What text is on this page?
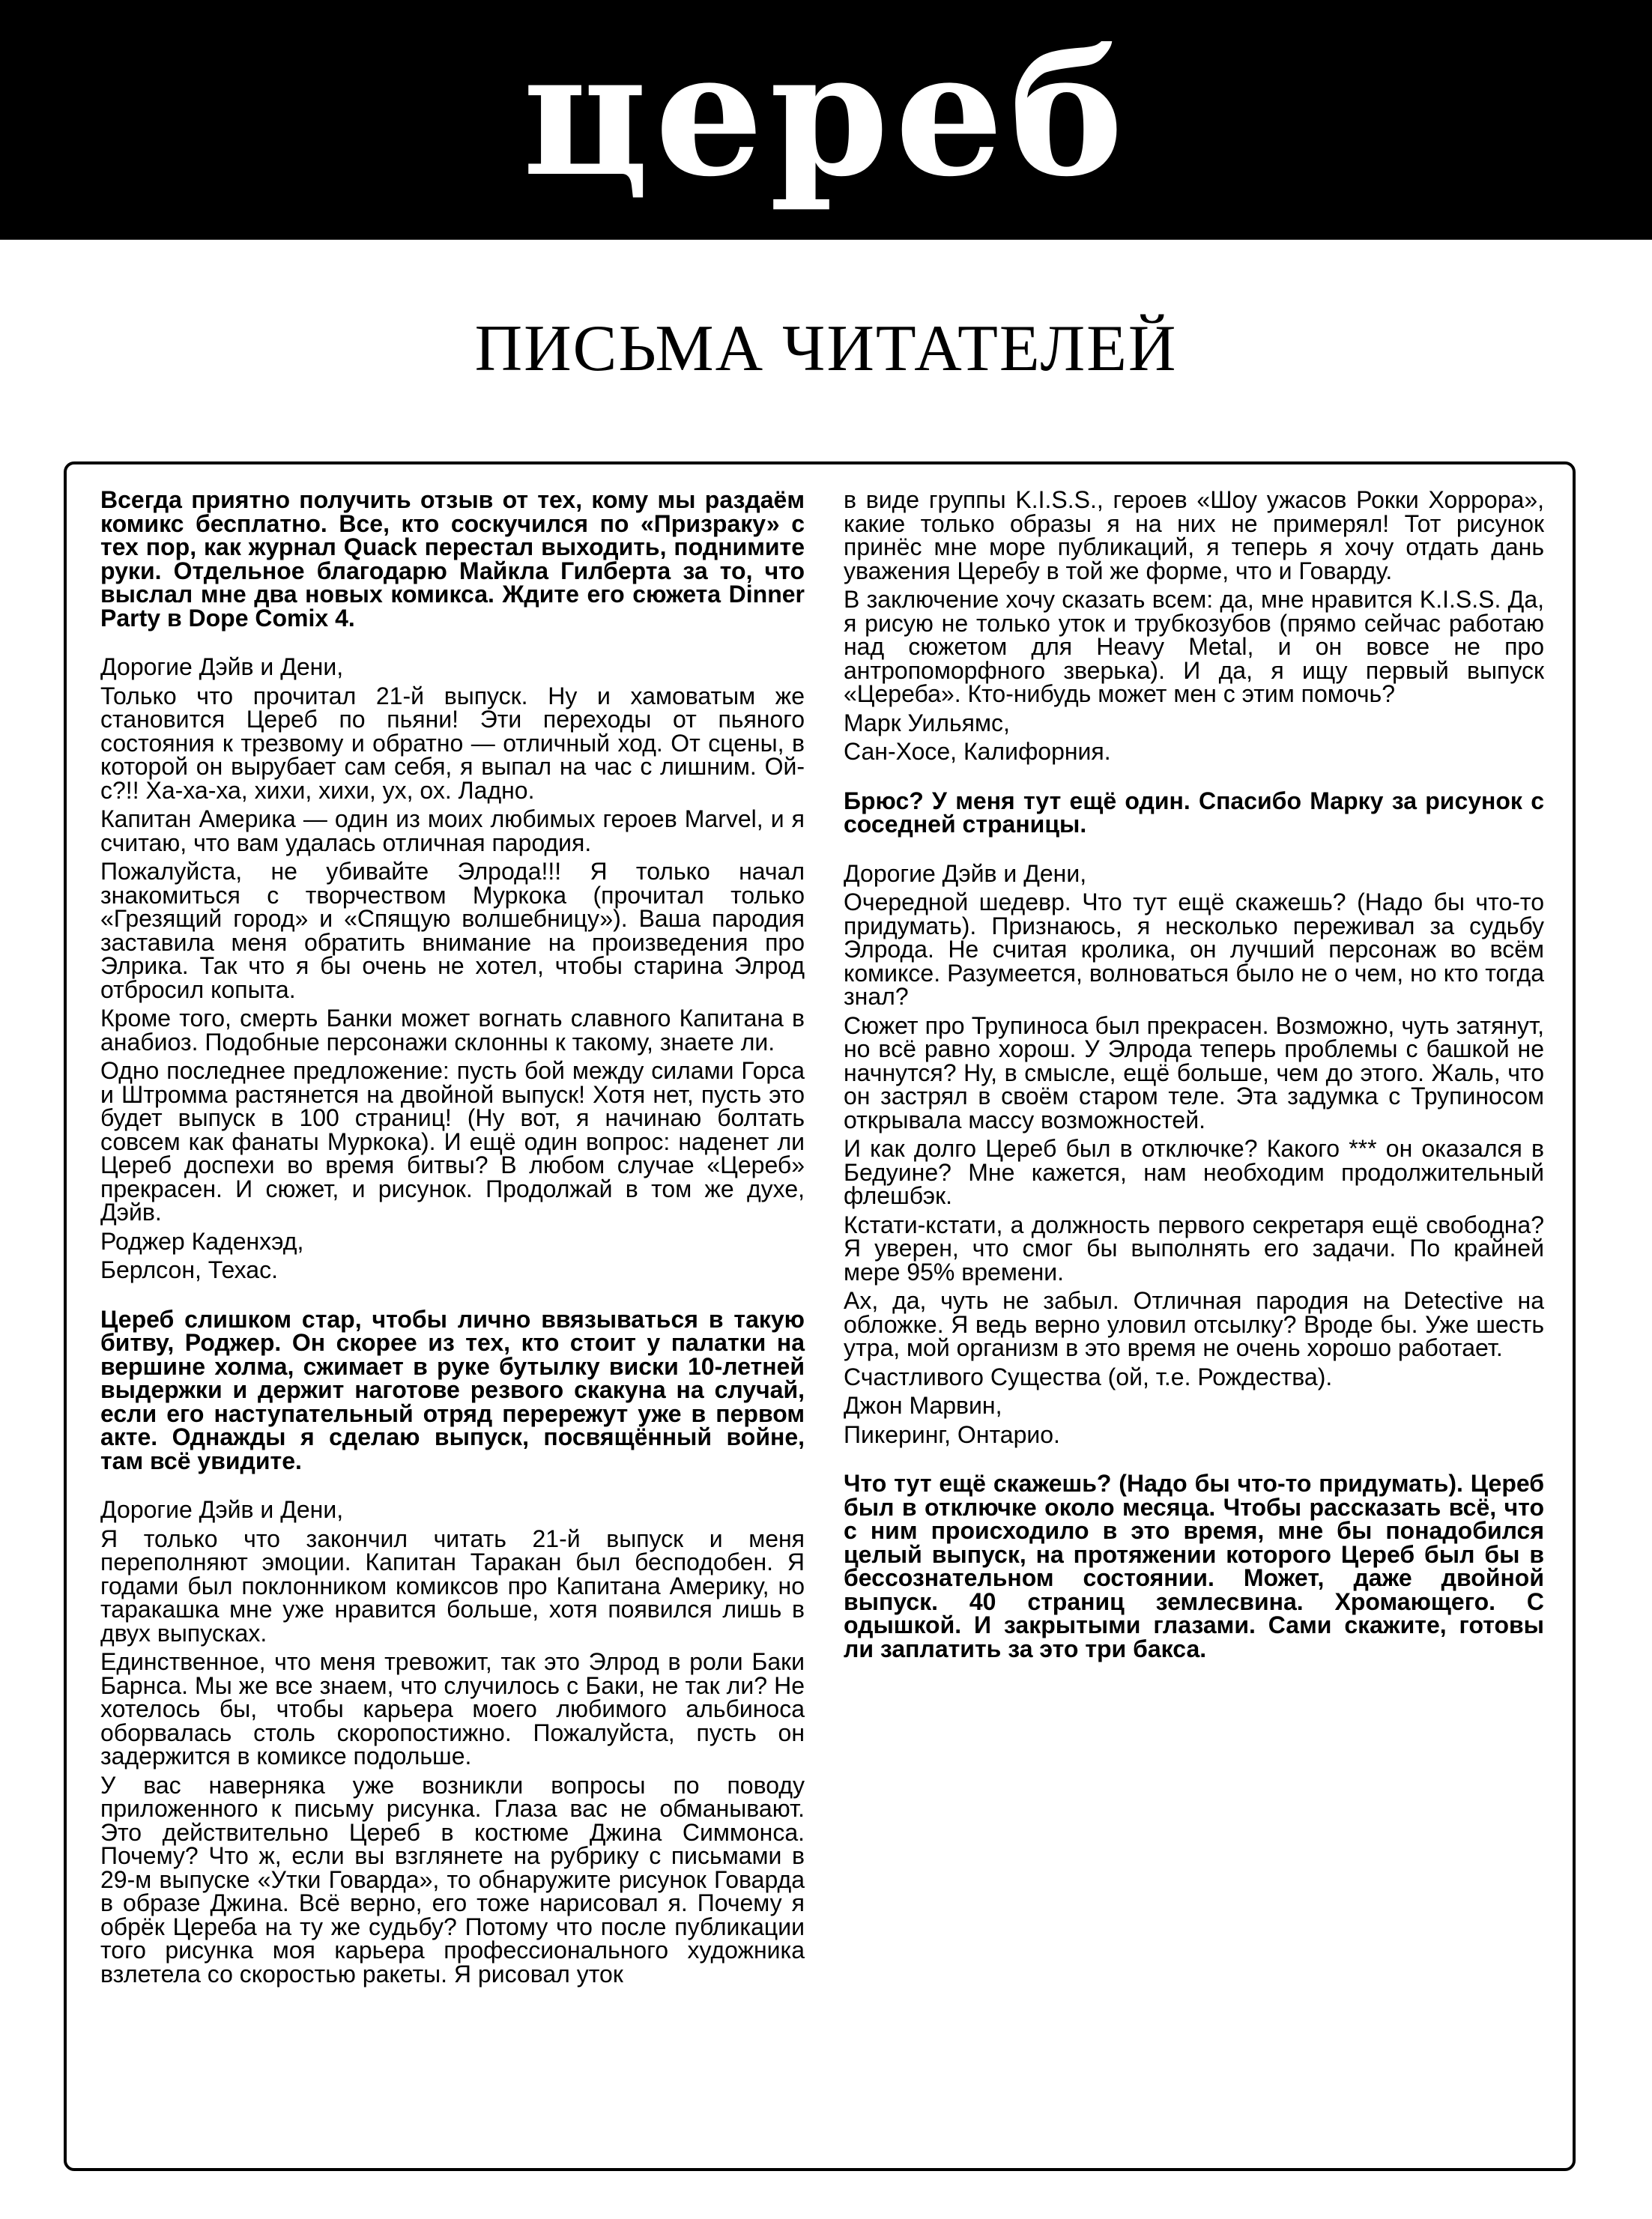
цереб
ПИСЬМА ЧИТАТЕЛЕЙ

Всегда приятно получить отзыв от тех, кому мы раздаём комикс бесплатно. Все, кто соскучился по «Призраку» с тех пор, как журнал Quack перестал выходить, поднимите руки. Отдельное благодарю Майкла Гилберта за то, что выслал мне два новых комикса. Ждите его сюжета Dinner Party в Dope Comix 4.

Дорогие Дэйв и Дени,

Только что прочитал 21-й выпуск. Ну и хамоватым же становится Цереб по пьяни! Эти переходы от пьяного состояния к трезвому и обратно — отличный ход. От сцены, в которой он вырубает сам себя, я выпал на час с лишним. Ой-с?!! Ха-ха-ха, хихи, хихи, ух, ох. Ладно.

Капитан Америка — один из моих любимых героев Marvel, и я считаю, что вам удалась отличная пародия.

Пожалуйста, не убивайте Элрода!!! Я только начал знакомиться с творчеством Муркока (прочитал только «Грезящий город» и «Спящую волшебницу»). Ваша пародия заставила меня обратить внимание на произведения про Элрика. Так что я бы очень не хотел, чтобы старина Элрод отбросил копыта.

Кроме того, смерть Банки может вогнать славного Капитана в анабиоз. Подобные персонажи склонны к такому, знаете ли.

Одно последнее предложение: пусть бой между силами Горса и Штромма растянется на двойной выпуск! Хотя нет, пусть это будет выпуск в 100 страниц! (Ну вот, я начинаю болтать совсем как фанаты Муркока). И ещё один вопрос: наденет ли Цереб доспехи во время битвы? В любом случае «Цереб» прекрасен. И сюжет, и рисунок. Продолжай в том же духе, Дэйв.

Роджер Каденхэд,

Берлсон, Техас.

Цереб слишком стар, чтобы лично ввязываться в такую битву, Роджер. Он скорее из тех, кто стоит у палатки на вершине холма, сжимает в руке бутылку виски 10-летней выдержки и держит наготове резвого скакуна на случай, если его наступательный отряд перережут уже в первом акте. Однажды я сделаю выпуск, посвящённый войне, там всё увидите.

Дорогие Дэйв и Дени,

Я только что закончил читать 21-й выпуск и меня переполняют эмоции. Капитан Таракан был бесподобен. Я годами был поклонником комиксов про Капитана Америку, но таракашка мне уже нравится больше, хотя появился лишь в двух выпусках.

Единственное, что меня тревожит, так это Элрод в роли Баки Барнса. Мы же все знаем, что случилось с Баки, не так ли? Не хотелось бы, чтобы карьера моего любимого альбиноса оборвалась столь скоропостижно. Пожалуйста, пусть он задержится в комиксе подольше.

У вас наверняка уже возникли вопросы по поводу приложенного к письму рисунка. Глаза вас не обманывают. Это действительно Цереб в костюме Джина Симмонса. Почему? Что ж, если вы взглянете на рубрику с письмами в 29-м выпуске «Утки Говарда», то обнаружите рисунок Говарда в образе Джина. Всё верно, его тоже нарисовал я. Почему я обрёк Цереба на ту же судьбу? Потому что после публикации того рисунка моя карьера профессионального художника взлетела со скоростью ракеты. Я рисовал уток

в виде группы K.I.S.S., героев «Шоу ужасов Рокки Хоррора», какие только образы я на них не примерял! Тот рисунок принёс мне море публикаций, я теперь я хочу отдать дань уважения Церебу в той же форме, что и Говарду.

В заключение хочу сказать всем: да, мне нравится K.I.S.S. Да, я рисую не только уток и трубкозубов (прямо сейчас работаю над сюжетом для Heavy Metal, и он вовсе не про антропоморфного зверька). И да, я ищу первый выпуск «Цереба». Кто-нибудь может мен с этим помочь?

Марк Уильямс,

Сан-Хосе, Калифорния.

Брюс? У меня тут ещё один. Спасибо Марку за рисунок с соседней страницы.

Дорогие Дэйв и Дени,

Очередной шедевр. Что тут ещё скажешь? (Надо бы что-то придумать). Признаюсь, я несколько переживал за судьбу Элрода. Не считая кролика, он лучший персонаж во всём комиксе. Разумеется, волноваться было не о чем, но кто тогда знал?

Сюжет про Трупиноса был прекрасен. Возможно, чуть затянут, но всё равно хорош. У Элрода теперь проблемы с башкой не начнутся? Ну, в смысле, ещё больше, чем до этого. Жаль, что он застрял в своём старом теле. Эта задумка с Трупиносом открывала массу возможностей.

И как долго Цереб был в отключке? Какого *** он оказался в Бедуине? Мне кажется, нам необходим продолжительный флешбэк.

Кстати-кстати, а должность первого секретаря ещё свободна? Я уверен, что смог бы выполнять его задачи. По крайней мере 95% времени.

Ах, да, чуть не забыл. Отличная пародия на Detective на обложке. Я ведь верно уловил отсылку? Вроде бы. Уже шесть утра, мой организм в это время не очень хорошо работает.

Счастливого Существа (ой, т.е. Рождества).

Джон Марвин,

Пикеринг, Онтарио.

Что тут ещё скажешь? (Надо бы что-то придумать). Цереб был в отключке около месяца. Чтобы рассказать всё, что с ним происходило в это время, мне бы понадобился целый выпуск, на протяжении которого Цереб был бы в бессознательном состоянии. Может, даже двойной выпуск. 40 страниц землесвина. Хромающего. С одышкой. И закрытыми глазами. Сами скажите, готовы ли заплатить за это три бакса.
